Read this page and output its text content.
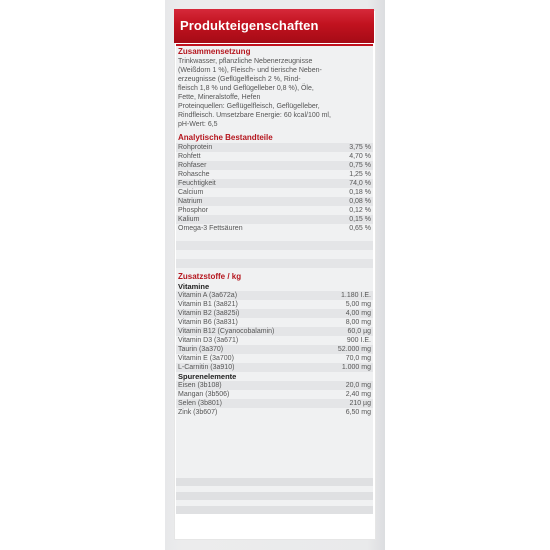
Produkteigenschaften
Zusammensetzung
Trinkwasser, pflanzliche Nebenerzeugnisse
(Weißdorn 1 %), Fleisch- und tierische Neben-
erzeugnisse (Geflügelfleisch 2 %, Rind-
fleisch 1,8 % und Geflügelleber 0,8 %), Öle,
Fette, Mineralstoffe, Hefen
Proteinquellen: Geflügelfleisch, Geflügelleber,
Rindfleisch. Umsetzbare Energie: 60 kcal/100 ml,
pH-Wert: 6,5
Analytische Bestandteile
Rohprotein	3,75 %
Rohfett	4,70 %
Rohfaser	0,75 %
Rohasche	1,25 %
Feuchtigkeit	74,0 %
Calcium	0,18 %
Natrium	0,08 %
Phosphor	0,12 %
Kalium	0,15 %
Omega-3 Fettsäuren	0,65 %
Zusatzstoffe / kg
Vitamine
Vitamin A (3a672a)	1.180 I.E.
Vitamin B1 (3a821)	5,00 mg
Vitamin B2 (3a825i)	4,00 mg
Vitamin B6 (3a831)	8,00 mg
Vitamin B12 (Cyanocobalamin)	60,0 µg
Vitamin D3 (3a671)	900 I.E.
Taurin (3a370)	52.000 mg
Vitamin E (3a700)	70,0 mg
L-Carnitin (3a910)	1.000 mg
Spurenelemente
Eisen (3b108)	20,0 mg
Mangan (3b506)	2,40 mg
Selen (3b801)	210 µg
Zink (3b607)	6,50 mg
